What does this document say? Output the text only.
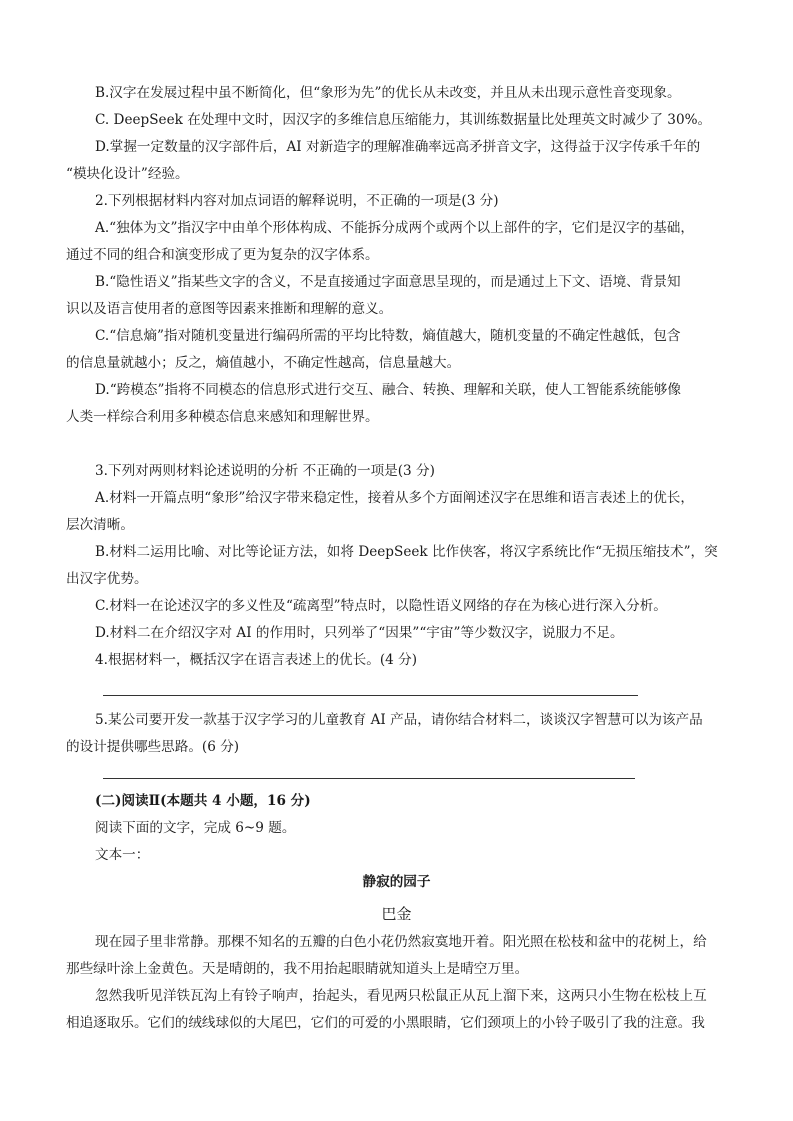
B.汉字在发展过程中虽不断简化，但“象形为先”的优长从未改变，并且从未出现示意性音变现象。
C. DeepSeek 在处理中文时，因汉字的多维信息压缩能力，其训练数据量比处理英文时减少了 30%。
D.掌握一定数量的汉字部件后，AI 对新造字的理解准确率远高矛拼音文字，这得益于汉字传承千年的
“模块化设计”经验。
2.下列根据材料内容对加点词语的解释说明，不正确的一项是(3 分)
A.“独体为文”指汉字中由单个形体构成、不能拆分成两个或两个以上部件的字，它们是汉字的基础，
通过不同的组合和演变形成了更为复杂的汉字体系。
B.“隐性语义”指某些文字的含义，不是直接通过字面意思呈现的，而是通过上下文、语境、背景知
识以及语言使用者的意图等因素来推断和理解的意义。
C.“信息熵”指对随机变量进行编码所需的平均比特数，熵值越大，随机变量的不确定性越低，包含
的信息量就越小；反之，熵值越小，不确定性越高，信息量越大。
D.“跨模态”指将不同模态的信息形式进行交互、融合、转换、理解和关联，使人工智能系统能够像
人类一样综合利用多种模态信息来感知和理解世界。
3.下列对两则材料论述说明的分析 不正确的一项是(3 分)
A.材料一开篇点明“象形”给汉字带来稳定性，接着从多个方面阐述汉字在思维和语言表述上的优长，
层次清晰。
B.材料二运用比喻、对比等论证方法，如将 DeepSeek 比作侠客，将汉字系统比作“无损压缩技术”，突
出汉字优势。
C.材料一在论述汉字的多义性及“疏离型”特点时，以隐性语义网络的存在为核心进行深入分析。
D.材料二在介绍汉字对 AI 的作用时，只列举了“因果”“宇宙”等少数汉字，说服力不足。
4.根据材料一，概括汉字在语言表述上的优长。(4 分)
5.某公司要开发一款基于汉字学习的儿童教育 AI 产品，请你结合材料二，谈谈汉字智慧可以为该产品
的设计提供哪些思路。(6 分)
(二)阅读Ⅱ(本题共 4 小题，16 分)
阅读下面的文字，完成 6~9 题。
文本一：
静寂的园子
巴金
现在园子里非常静。那棵不知名的五瓣的白色小花仍然寂寞地开着。阳光照在松枝和盆中的花树上，给
那些绿叶涂上金黄色。天是晴朗的，我不用抬起眼睛就知道头上是晴空万里。
忽然我听见洋铁瓦沟上有铃子响声，抬起头，看见两只松鼠正从瓦上溜下来，这两只小生物在松枝上互
相追逐取乐。它们的绒线球似的大尾巴，它们的可爱的小黑眼睛，它们颈项上的小铃子吸引了我的注意。我
